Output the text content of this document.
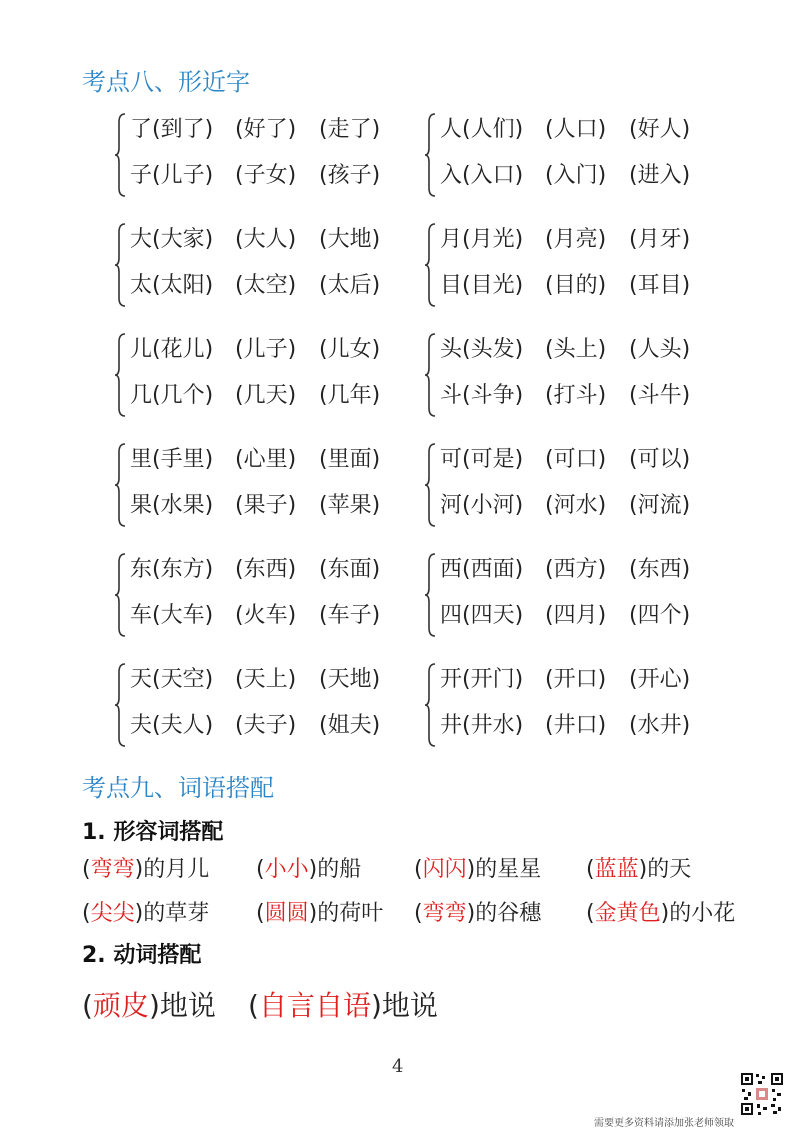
考点八、形近字
了(到了) (好了) (走了)
子(儿子) (子女) (孩子)
人(人们) (人口) (好人)
入(入口) (入门) (进入)
大(大家) (大人) (大地)
太(太阳) (太空) (太后)
月(月光) (月亮) (月牙)
目(目光) (目的) (耳目)
儿(花儿) (儿子) (儿女)
几(几个) (几天) (几年)
头(头发) (头上) (人头)
斗(斗争) (打斗) (斗牛)
里(手里) (心里) (里面)
果(水果) (果子) (苹果)
可(可是) (可口) (可以)
河(小河) (河水) (河流)
东(东方) (东西) (东面)
车(大车) (火车) (车子)
西(西面) (西方) (东西)
四(四天) (四月) (四个)
天(天空) (天上) (天地)
夫(夫人) (夫子) (姐夫)
开(开门) (开口) (开心)
井(井水) (井口) (水井)
考点九、词语搭配
1. 形容词搭配
(弯弯)的月儿 (小小)的船 (闪闪)的星星 (蓝蓝)的天
(尖尖)的草芽 (圆圆)的荷叶 (弯弯)的谷穗 (金黄色)的小花
2. 动词搭配
(顽皮)地说 (自言自语)地说
4
需要更多资料请添加张老师领取
